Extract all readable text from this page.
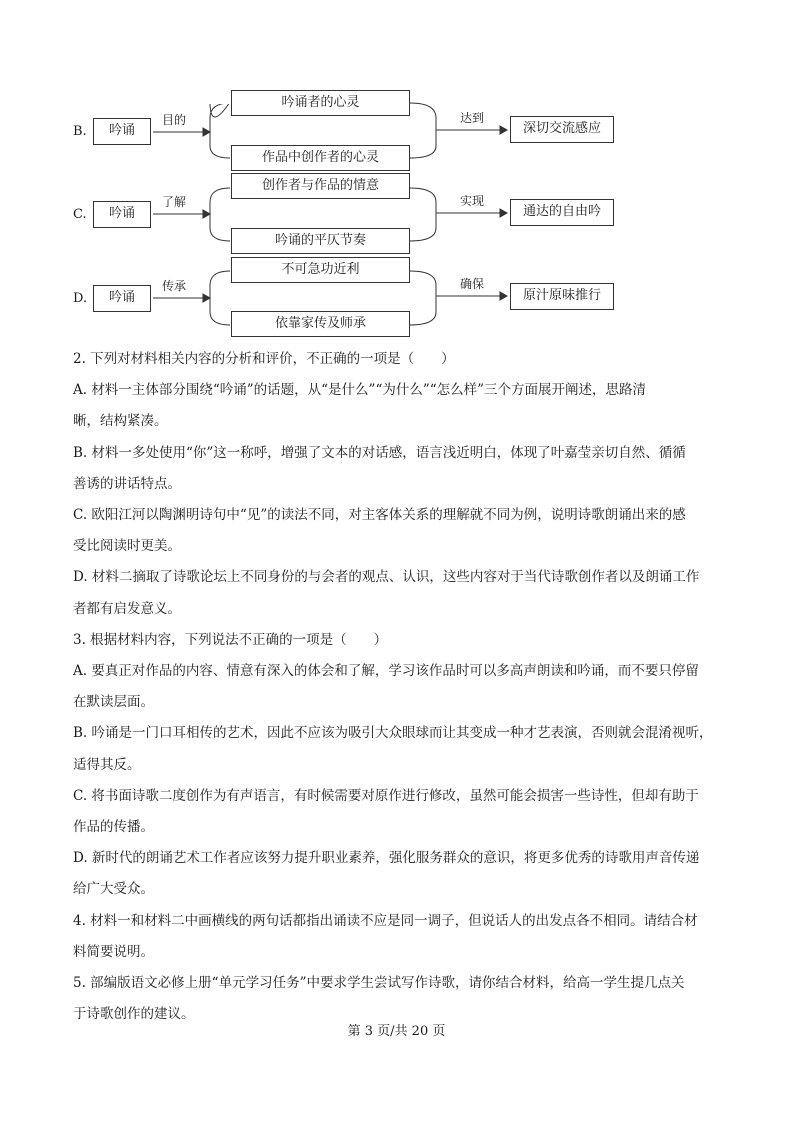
B.	吟诵
目的
吟诵者的心灵
作品中创作者的心灵
达到
深切交流感应
C.	吟诵
了解
创作者与作品的情意
吟诵的平仄节奏
实现
通达的自由吟
D.	吟诵
传承
不可急功近利
依靠家传及师承
确保
原汁原味推行

2. 下列对材料相关内容的分析和评价，不正确的一项是（　　）

A. 材料一主体部分围绕“吟诵”的话题，从“是什么”“为什么”“怎么样”三个方面展开阐述，思路清

晰，结构紧凑。

B. 材料一多处使用“你”这一称呼，增强了文本的对话感，语言浅近明白，体现了叶嘉莹亲切自然、循循

善诱的讲话特点。

C. 欧阳江河以陶渊明诗句中“见”的读法不同，对主客体关系的理解就不同为例，说明诗歌朗诵出来的感

受比阅读时更美。

D. 材料二摘取了诗歌论坛上不同身份的与会者的观点、认识，这些内容对于当代诗歌创作者以及朗诵工作

者都有启发意义。

3. 根据材料内容，下列说法不正确的一项是（　　）

A. 要真正对作品的内容、情意有深入的体会和了解，学习该作品时可以多高声朗读和吟诵，而不要只停留

在默读层面。

B. 吟诵是一门口耳相传的艺术，因此不应该为吸引大众眼球而让其变成一种才艺表演，否则就会混淆视听，

适得其反。

C. 将书面诗歌二度创作为有声语言，有时候需要对原作进行修改，虽然可能会损害一些诗性，但却有助于

作品的传播。

D. 新时代的朗诵艺术工作者应该努力提升职业素养，强化服务群众的意识，将更多优秀的诗歌用声音传递

给广大受众。

4. 材料一和材料二中画横线的两句话都指出诵读不应是同一调子，但说话人的出发点各不相同。请结合材

料简要说明。

5. 部编版语文必修上册“单元学习任务”中要求学生尝试写作诗歌，请你结合材料，给高一学生提几点关

于诗歌创作的建议。

第 3 页/共 20 页
